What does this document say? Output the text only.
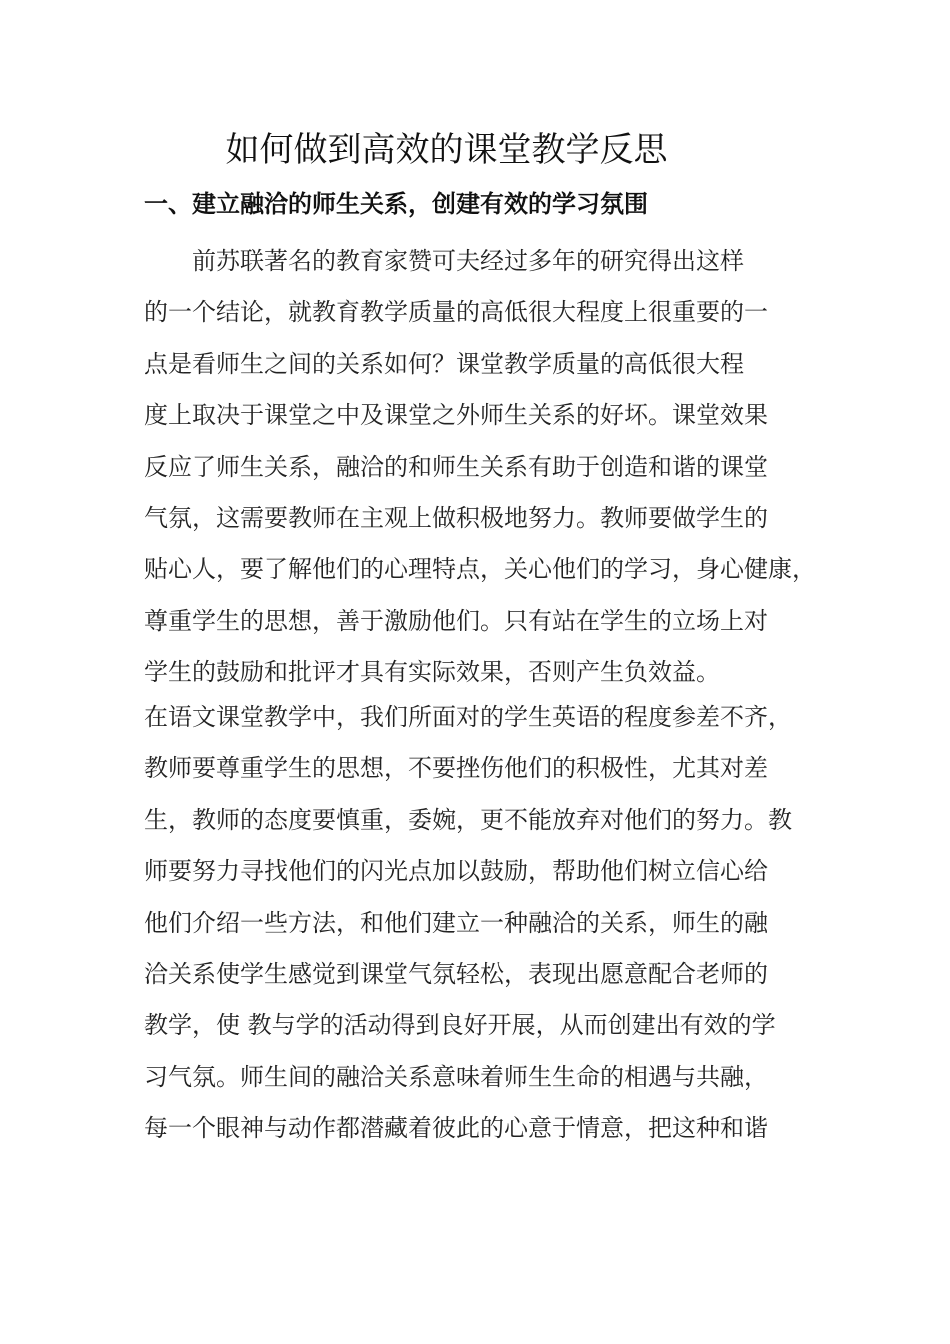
如何做到高效的课堂教学反思
一、建立融洽的师生关系，创建有效的学习氛围
前苏联著名的教育家赞可夫经过多年的研究得出这样
的一个结论，就教育教学质量的高低很大程度上很重要的一
点是看师生之间的关系如何？课堂教学质量的高低很大程
度上取决于课堂之中及课堂之外师生关系的好坏。课堂效果
反应了师生关系，融洽的和师生关系有助于创造和谐的课堂
气氛，这需要教师在主观上做积极地努力。教师要做学生的
贴心人，要了解他们的心理特点，关心他们的学习，身心健康，
尊重学生的思想，善于激励他们。只有站在学生的立场上对
学生的鼓励和批评才具有实际效果，否则产生负效益。
在语文课堂教学中，我们所面对的学生英语的程度参差不齐，
教师要尊重学生的思想，不要挫伤他们的积极性，尤其对差
生，教师的态度要慎重，委婉，更不能放弃对他们的努力。教
师要努力寻找他们的闪光点加以鼓励，帮助他们树立信心给
他们介绍一些方法，和他们建立一种融洽的关系，师生的融
洽关系使学生感觉到课堂气氛轻松，表现出愿意配合老师的
教学，使 教与学的活动得到良好开展，从而创建出有效的学
习气氛。师生间的融洽关系意味着师生生命的相遇与共融，
每一个眼神与动作都潜藏着彼此的心意于情意，把这种和谐
